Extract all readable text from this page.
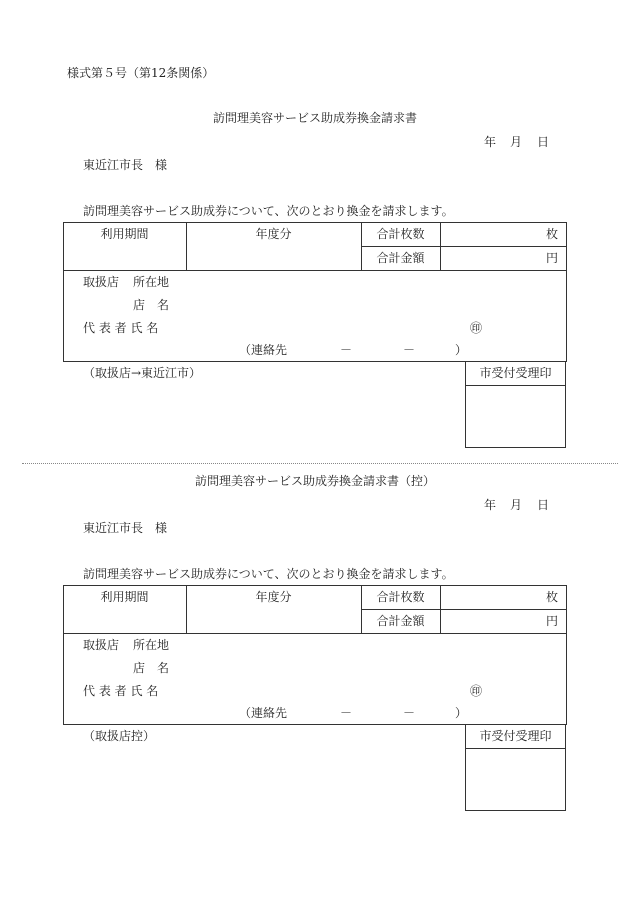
様式第５号（第12条関係）
訪問理美容サービス助成券換金請求書
年 月 日
東近江市長　様
訪問理美容サービス助成券について、次のとおり換金を請求します。
利用期間	年度分	合計枚数	枚
合計金額	円
取扱店 所在地
店　名
代 表 者 氏 名	㊞
（連絡先	－	－	）
（取扱店→東近江市）	市受付受理印
訪問理美容サービス助成券換金請求書（控）
年 月 日
東近江市長　様
訪問理美容サービス助成券について、次のとおり換金を請求します。
利用期間	年度分	合計枚数	枚
合計金額	円
取扱店 所在地
店　名
代 表 者 氏 名	㊞
（連絡先	－	－	）
（取扱店控）	市受付受理印
